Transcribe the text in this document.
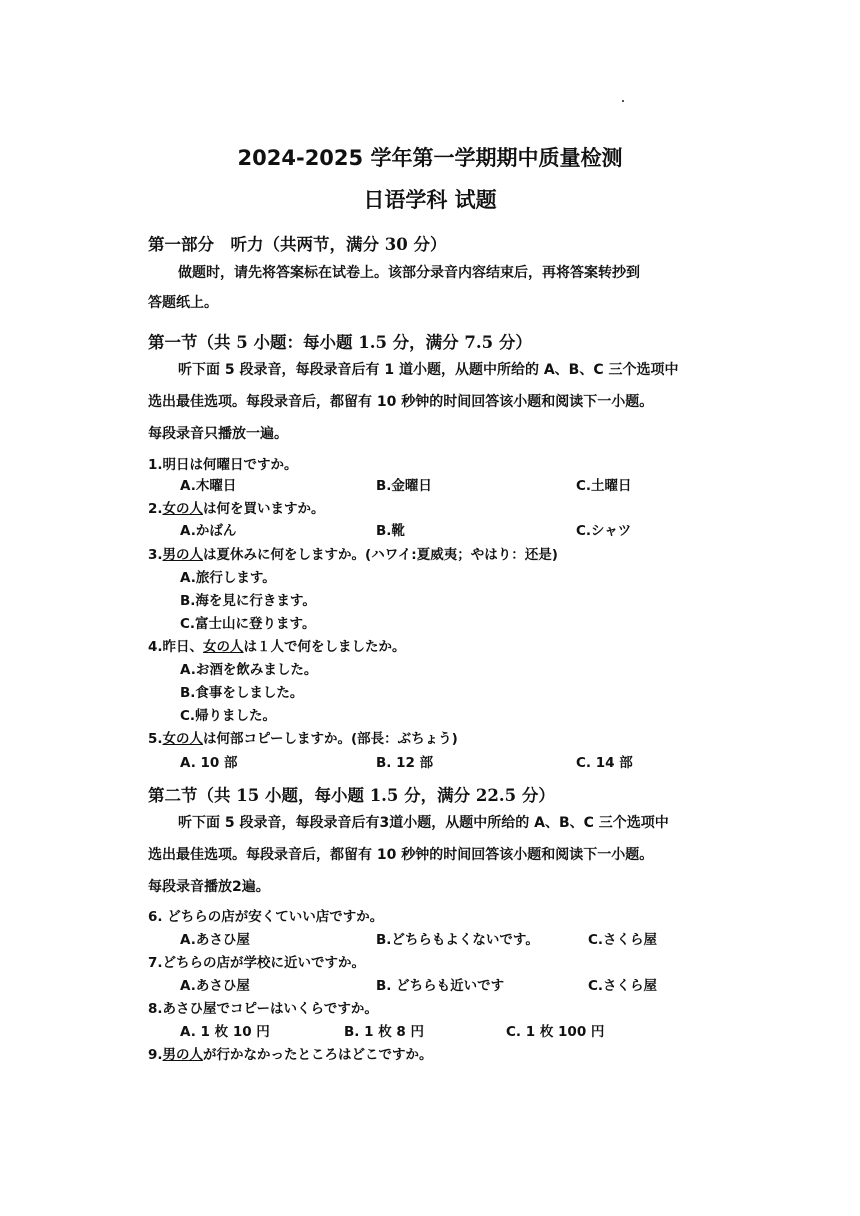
2024-2025 学年第一学期期中质量检测
日语学科 试题
第一部分　听力（共两节，满分 30 分）
做题时，请先将答案标在试卷上。该部分录音内容结束后，再将答案转抄到
答题纸上。
第一节（共 5 小题：每小题 1.5 分，满分 7.5 分）
听下面 5 段录音，每段录音后有 1 道小题，从题中所给的 A、B、C 三个选项中
选出最佳选项。每段录音后，都留有 10 秒钟的时间回答该小题和阅读下一小题。
每段录音只播放一遍。
1.明日は何曜日ですか。
A.木曜日	B.金曜日	C.土曜日
2.女の人は何を買いますか。
A.かばん	B.靴	C.シャツ
3.男の人は夏休みに何をしますか。(ハワイ:夏威夷；やはり：还是)
A.旅行します。
B.海を見に行きます。
C.富士山に登ります。
4.昨日、女の人は１人で何をしましたか。
A.お酒を飲みました。
B.食事をしました。
C.帰りました。
5.女の人は何部コピーしますか。(部長：ぶちょう)
A. 10 部	B. 12 部	C. 14 部
第二节（共 15 小题，每小题 1.5 分，满分 22.5 分）
听下面 5 段录音，每段录音后有3道小题，从题中所给的 A、B、C 三个选项中
选出最佳选项。每段录音后，都留有 10 秒钟的时间回答该小题和阅读下一小题。
每段录音播放2遍。
6. どちらの店が安くていい店ですか。
A.あさひ屋	B.どちらもよくないです。	C.さくら屋
7.どちらの店が学校に近いですか。
A.あさひ屋	B. どちらも近いです	C.さくら屋
8.あさひ屋でコピーはいくらですか。
A. 1 枚 10 円	B. 1 枚 8 円	C. 1 枚 100 円
9.男の人が行かなかったところはどこですか。
